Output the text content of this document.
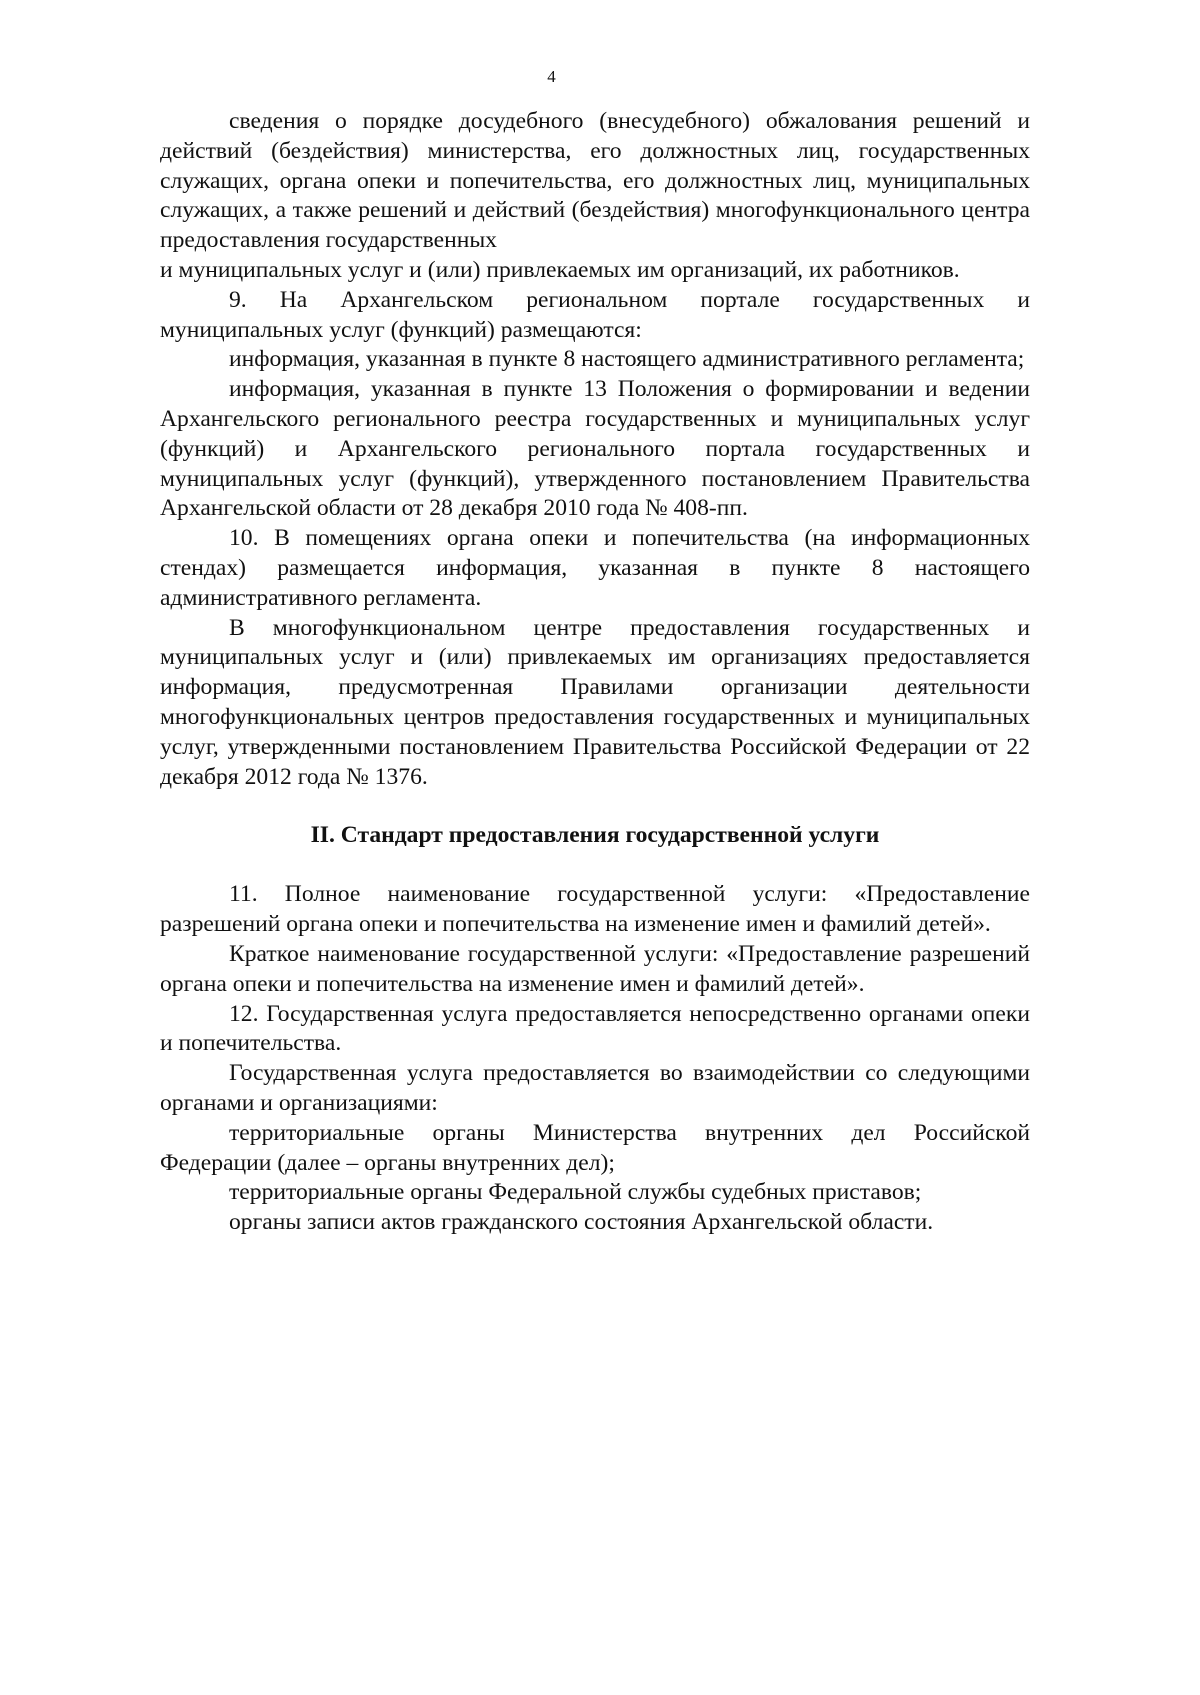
4

сведения о порядке досудебного (внесудебного) обжалования решений и действий (бездействия) министерства, его должностных лиц, государственных служащих, органа опеки и попечительства, его должностных лиц, муниципальных служащих, а также решений и действий (бездействия) многофункционального центра предоставления государственных

и муниципальных услуг и (или) привлекаемых им организаций, их работников.

9. На Архангельском региональном портале государственных и муниципальных услуг (функций) размещаются:

информация, указанная в пункте 8 настоящего административного регламента;

информация, указанная в пункте 13 Положения о формировании и ведении Архангельского регионального реестра государственных и муниципальных услуг (функций) и Архангельского регионального портала государственных и муниципальных услуг (функций), утвержденного постановлением Правительства Архангельской области от 28 декабря 2010 года № 408-пп.

10. В помещениях органа опеки и попечительства (на информационных стендах) размещается информация, указанная в пункте 8 настоящего административного регламента.

В многофункциональном центре предоставления государственных и муниципальных услуг и (или) привлекаемых им организациях предоставляется информация, предусмотренная Правилами организации деятельности многофункциональных центров предоставления государственных и муниципальных услуг, утвержденными постановлением Правительства Российской Федерации от 22 декабря 2012 года № 1376.

II. Стандарт предоставления государственной услуги

11. Полное наименование государственной услуги: «Предоставление разрешений органа опеки и попечительства на изменение имен и фамилий детей».

Краткое наименование государственной услуги: «Предоставление разрешений органа опеки и попечительства на изменение имен и фамилий детей».

12. Государственная услуга предоставляется непосредственно органами опеки и попечительства.

Государственная услуга предоставляется во взаимодействии со следующими органами и организациями:

территориальные органы Министерства внутренних дел Российской Федерации (далее – органы внутренних дел);

территориальные органы Федеральной службы судебных приставов;

органы записи актов гражданского состояния Архангельской области.
